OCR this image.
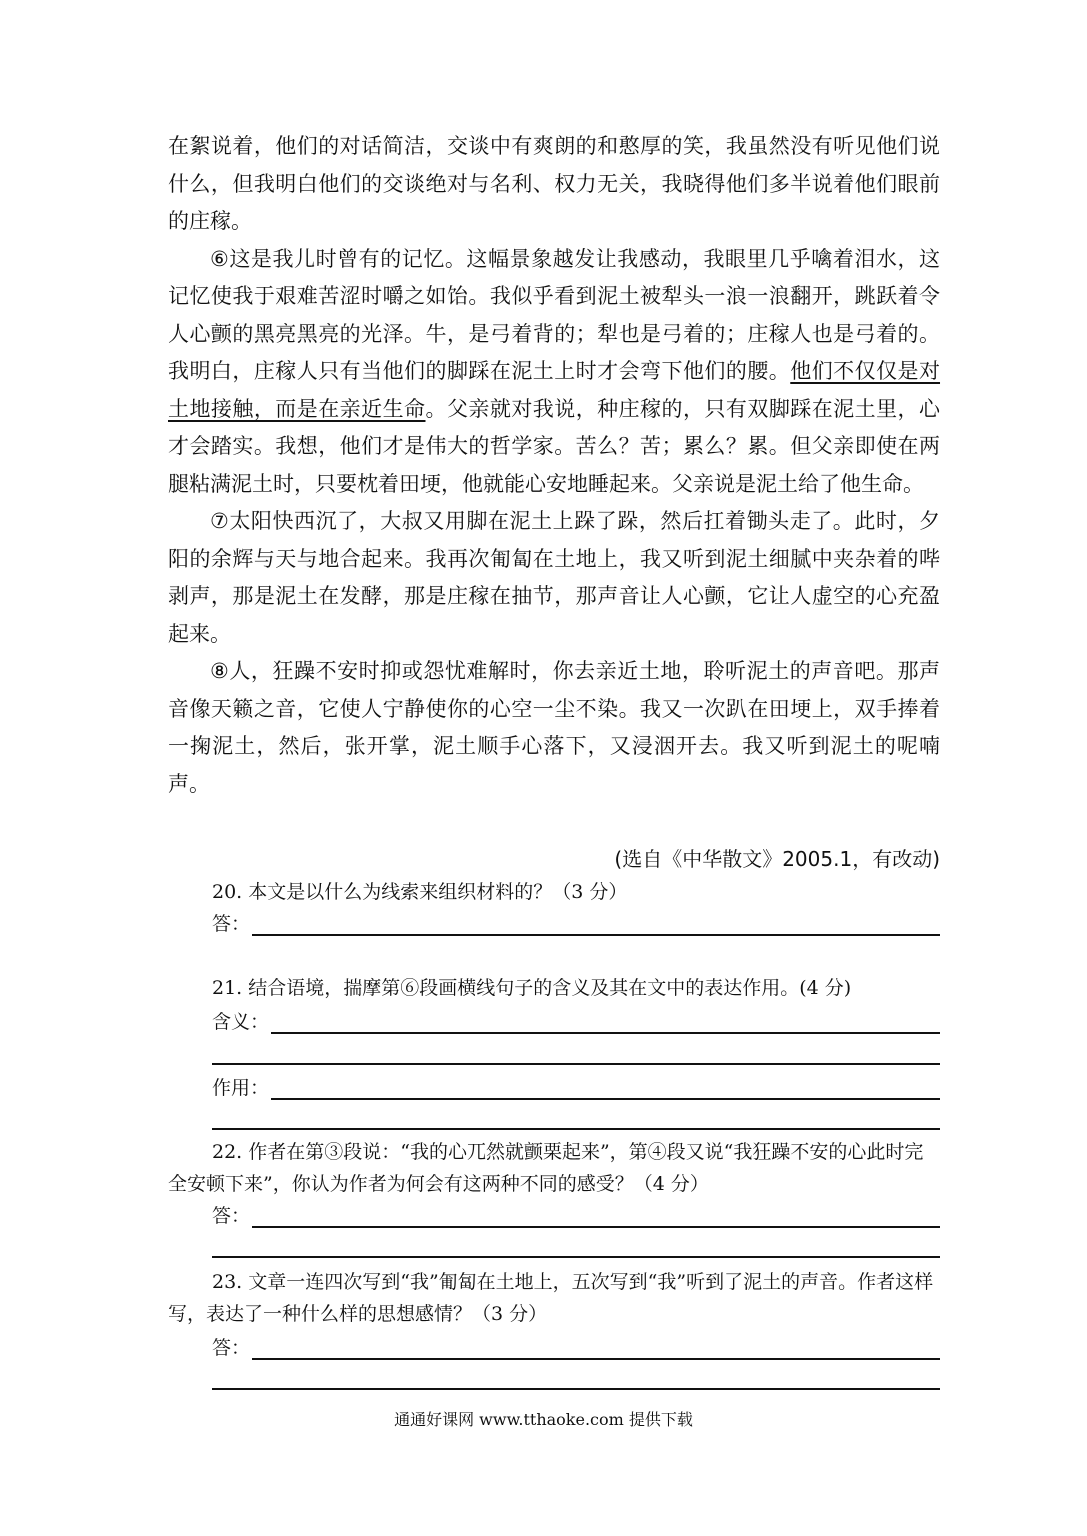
在絮说着，他们的对话简洁，交谈中有爽朗的和憨厚的笑，我虽然没有听见他们说什么，但我明白他们的交谈绝对与名利、权力无关，我晓得他们多半说着他们眼前的庄稼。

⑥这是我儿时曾有的记忆。这幅景象越发让我感动，我眼里几乎噙着泪水，这记忆使我于艰难苦涩时嚼之如饴。我似乎看到泥土被犁头一浪一浪翻开，跳跃着令人心颤的黑亮黑亮的光泽。牛，是弓着背的；犁也是弓着的；庄稼人也是弓着的。我明白，庄稼人只有当他们的脚踩在泥土上时才会弯下他们的腰。他们不仅仅是对土地接触，而是在亲近生命。父亲就对我说，种庄稼的，只有双脚踩在泥土里，心才会踏实。我想，他们才是伟大的哲学家。苦么？苦；累么？累。但父亲即使在两腿粘满泥土时，只要枕着田埂，他就能心安地睡起来。父亲说是泥土给了他生命。

⑦太阳快西沉了，大叔又用脚在泥土上跺了跺，然后扛着锄头走了。此时，夕阳的余辉与天与地合起来。我再次匍匐在土地上，我又听到泥土细腻中夹杂着的哔剥声，那是泥土在发酵，那是庄稼在抽节，那声音让人心颤，它让人虚空的心充盈起来。

⑧人，狂躁不安时抑或怨忧难解时，你去亲近土地，聆听泥土的声音吧。那声音像天籁之音，它使人宁静使你的心空一尘不染。我又一次趴在田埂上，双手捧着一掬泥土，然后，张开掌，泥土顺手心落下，又浸洇开去。我又听到泥土的呢喃声。

(选自《中华散文》2005.1，有改动)

20. 本文是以什么为线索来组织材料的？（3 分）

答：

21. 结合语境，揣摩第⑥段画横线句子的含义及其在文中的表达作用。(4 分)

含义：
作用：

22. 作者在第③段说：“我的心兀然就颤栗起来”，第④段又说“我狂躁不安的心此时完全安顿下来”，你认为作者为何会有这两种不同的感受？（4 分）

答：

23. 文章一连四次写到“我”匍匐在土地上，五次写到“我”听到了泥土的声音。作者这样写，表达了一种什么样的思想感情？（3 分）

答：
通通好课网 www.tthaoke.com 提供下载
